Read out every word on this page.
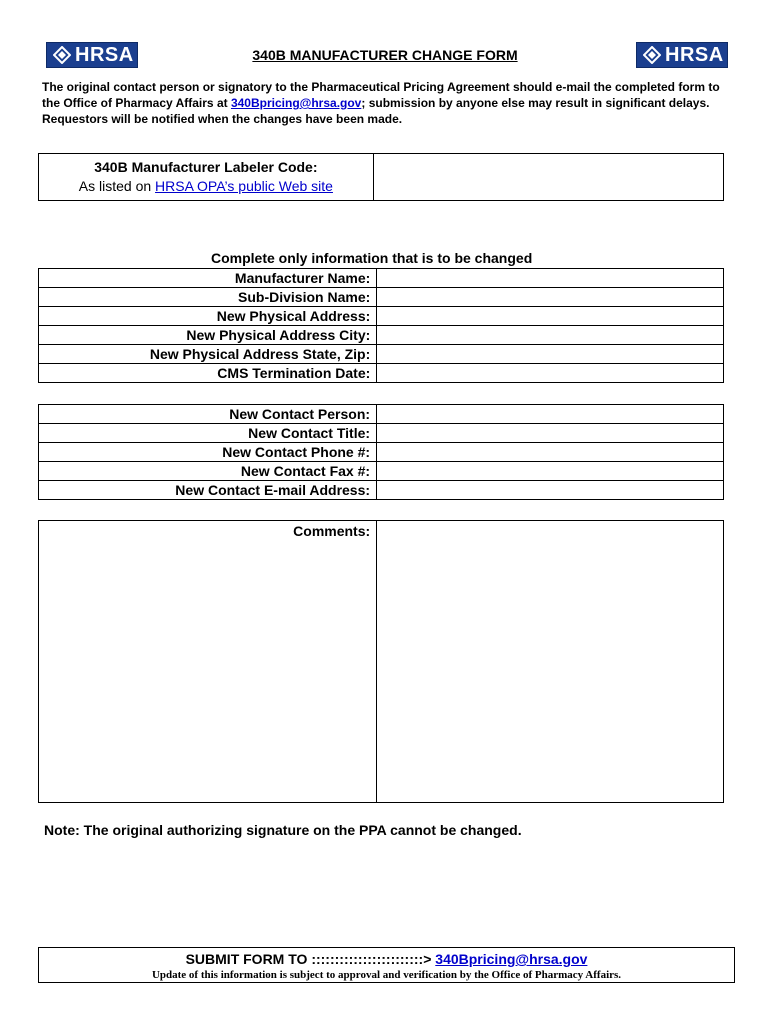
HRSA	340B MANUFACTURER CHANGE FORM	HRSA
The original contact person or signatory to the Pharmaceutical Pricing Agreement should e-mail the completed form to the Office of Pharmacy Affairs at 340Bpricing@hrsa.gov; submission by anyone else may result in significant delays. Requestors will be notified when the changes have been made.
340B Manufacturer Labeler Code:
As listed on HRSA OPA’s public Web site

Complete only information that is to be changed
Manufacturer Name:	
Sub-Division Name:	
New Physical Address:	
New Physical Address City:	
New Physical Address State, Zip:	
CMS Termination Date:	
New Contact Person:	
New Contact Title:	
New Contact Phone #:	
New Contact Fax #:	
New Contact E-mail Address:	
Comments:	
Note: The original authorizing signature on the PPA cannot be changed.
SUBMIT FORM TO ::::::::::::::::::::::::> 340Bpricing@hrsa.gov
Update of this information is subject to approval and verification by the Office of Pharmacy Affairs.
